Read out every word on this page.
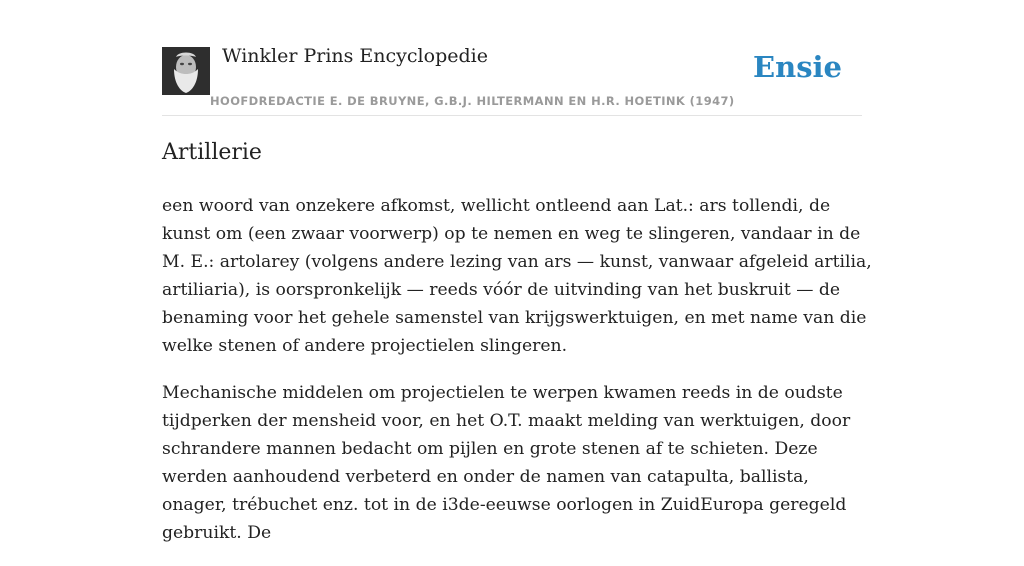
Winkler Prins Encyclopedie
HOOFDREDACTIE E. DE BRUYNE, G.B.J. HILTERMANN EN H.R. HOETINK (1947)
Ensie
Artillerie

een woord van onzekere afkomst, wellicht ontleend aan Lat.: ars tollendi, de kunst om (een zwaar voorwerp) op te nemen en weg te slingeren, vandaar in de M. E.: artolarey (volgens andere lezing van ars — kunst, vanwaar afgeleid artilia, artiliaria), is oorspronkelijk — reeds vóór de uitvinding van het buskruit — de benaming voor het gehele samenstel van krijgswerktuigen, en met name van die welke stenen of andere projectielen slingeren.

Mechanische middelen om projectielen te werpen kwamen reeds in de oudste tijdperken der mensheid voor, en het O.T. maakt melding van werktuigen, door schrandere mannen bedacht om pijlen en grote stenen af te schieten. Deze werden aanhoudend verbeterd en onder de namen van catapulta, ballista, onager, trébuchet enz. tot in de i3de-eeuwse oorlogen in ZuidEuropa geregeld gebruikt. De
